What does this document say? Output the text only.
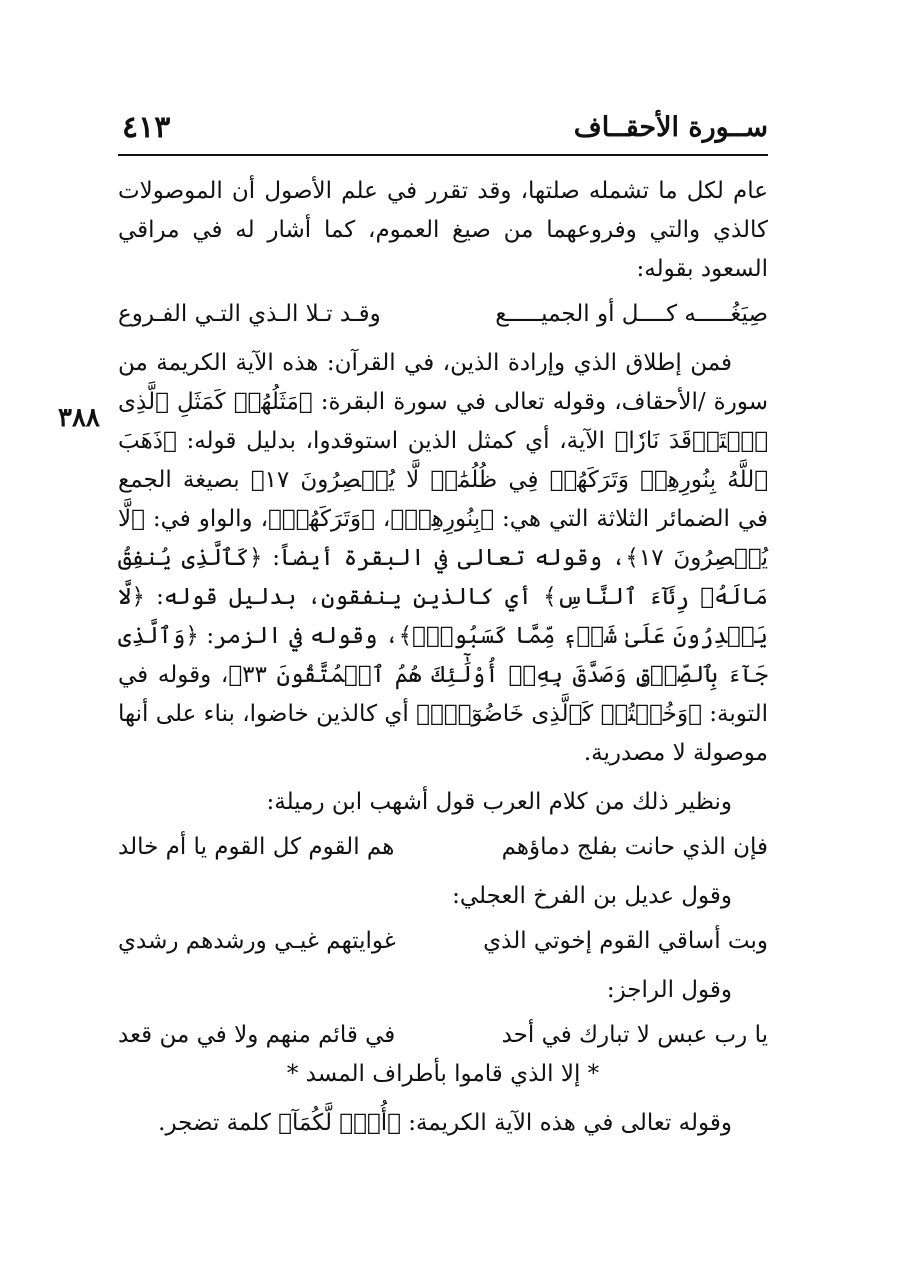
ســورة الأحقــاف
٤١٣
٣٨٨

عام لكل ما تشمله صلتها، وقد تقرر في علم الأصول أن الموصولات كالذي والتي وفروعهما من صيغ العموم، كما أشار له في مراقي السعود بقوله:

صِيَغُـــــه كــــل أو الجميـــــع
وقـد تـلا الـذي التـي الفـروع

فمن إطلاق الذي وإرادة الذين، في القرآن: هذه الآية الكريمة من سورة /الأحقاف، وقوله تعالى في سورة البقرة: ﴿مَثَلُهُمۡ كَمَثَلِ ٱلَّذِى ٱسۡتَوۡقَدَ نَارٗا﴾ الآية، أي كمثل الذين استوقدوا، بدليل قوله: ﴿ذَهَبَ ٱللَّهُ بِنُورِهِمۡ وَتَرَكَهُمۡ فِي ظُلُمَٰتٖ لَّا يُبۡصِرُونَ ١٧﴾ بصيغة الجمع في الضمائر الثلاثة التي هي: ﴿بِنُورِهِمۡ﴾، ﴿وَتَرَكَهُمۡ﴾، والواو في: ﴿لَّا يُبۡصِرُونَ ١٧﴾، وقوله تعالى في البقرة أيضاً: ﴿كَٱلَّذِى يُنفِقُ مَالَهُۥ رِئَآءَ ٱلنَّاسِ﴾ أي كالذين ينفقون، بدليل قوله: ﴿لَّا يَقۡدِرُونَ عَلَىٰ شَيۡءٖ مِّمَّا كَسَبُواْۗ﴾، وقوله في الزمر: ﴿وَٱلَّذِى جَآءَ بِٱلصِّدۡقِ وَصَدَّقَ بِهِۦٓ أُوْلَٰٓئِكَ هُمُ ٱلۡمُتَّقُونَ ٣٣﴾، وقوله في التوبة: ﴿وَخُضۡتُمۡ كَٱلَّذِى خَاضُوٓاْۚ﴾ أي كالذين خاضوا، بناء على أنها موصولة لا مصدرية.

ونظير ذلك من كلام العرب قول أشهب ابن رميلة:

فإن الذي حانت بفلج دماؤهم
هم القوم كل القوم يا أم خالد

وقول عديل بن الفرخ العجلي:

وبت أساقي القوم إخوتي الذي
غوايتهم غيـي ورشدهم رشدي

وقول الراجز:

يا رب عبس لا تبارك في أحد
في قائم منهم ولا في من قعد
* إلا الذي قاموا بأطراف المسد *

وقوله تعالى في هذه الآية الكريمة: ﴿أُفّٖ لَّكُمَآ﴾ كلمة تضجر.
